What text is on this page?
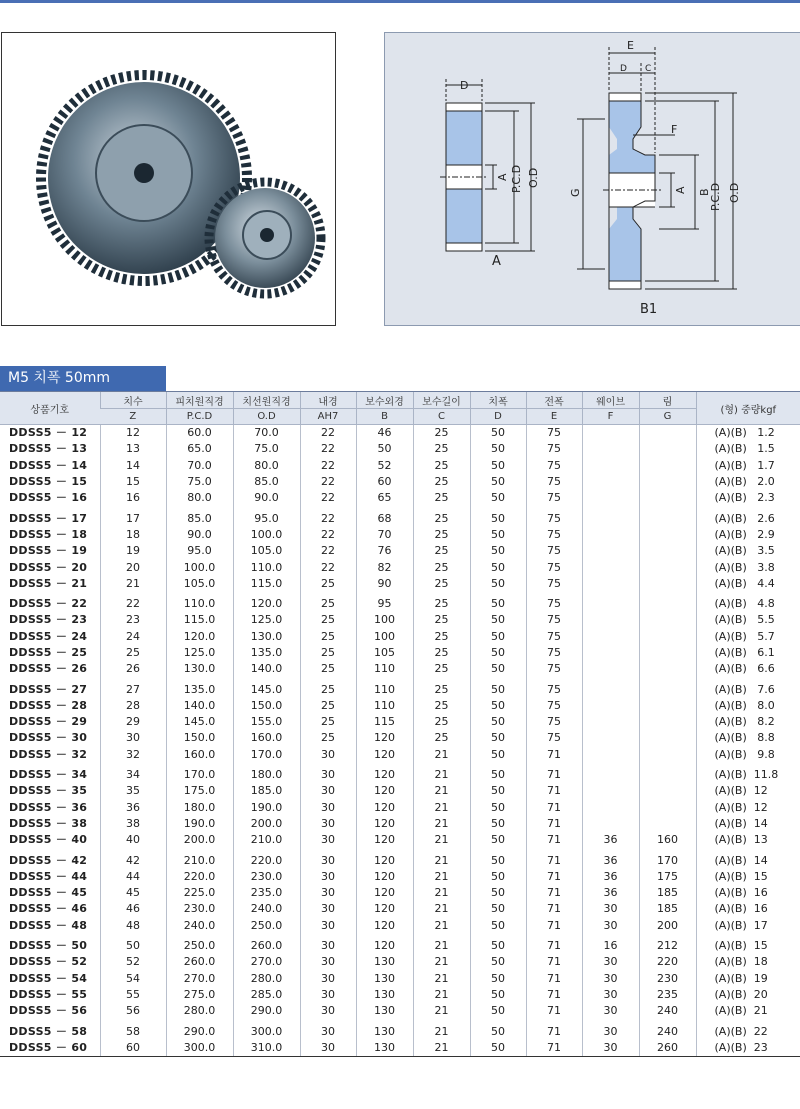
D
A P.C.D O.D
A
E
D C
F
G	A B
P.C.D O.D
B1
M5 치폭 50mm
상품기호	치수	피치원직경	치선원직경	내경	보수외경	보수길이	치폭	전폭	웨이브	림	(형) 중량kgf
	Z	P.C.D	O.D	AH7	B	C	D	E	F	G	
DDSS5 － 12	12	60.0	70.0	22	46	25	50	75			(A)(B)   1.2
DDSS5 － 13	13	65.0	75.0	22	50	25	50	75			(A)(B)   1.5
DDSS5 － 14	14	70.0	80.0	22	52	25	50	75			(A)(B)   1.7
DDSS5 － 15	15	75.0	85.0	22	60	25	50	75			(A)(B)   2.0
DDSS5 － 16	16	80.0	90.0	22	65	25	50	75			(A)(B)   2.3
DDSS5 － 17	17	85.0	95.0	22	68	25	50	75			(A)(B)   2.6
DDSS5 － 18	18	90.0	100.0	22	70	25	50	75			(A)(B)   2.9
DDSS5 － 19	19	95.0	105.0	22	76	25	50	75			(A)(B)   3.5
DDSS5 － 20	20	100.0	110.0	22	82	25	50	75			(A)(B)   3.8
DDSS5 － 21	21	105.0	115.0	25	90	25	50	75			(A)(B)   4.4
DDSS5 － 22	22	110.0	120.0	25	95	25	50	75			(A)(B)   4.8
DDSS5 － 23	23	115.0	125.0	25	100	25	50	75			(A)(B)   5.5
DDSS5 － 24	24	120.0	130.0	25	100	25	50	75			(A)(B)   5.7
DDSS5 － 25	25	125.0	135.0	25	105	25	50	75			(A)(B)   6.1
DDSS5 － 26	26	130.0	140.0	25	110	25	50	75			(A)(B)   6.6
DDSS5 － 27	27	135.0	145.0	25	110	25	50	75			(A)(B)   7.6
DDSS5 － 28	28	140.0	150.0	25	110	25	50	75			(A)(B)   8.0
DDSS5 － 29	29	145.0	155.0	25	115	25	50	75			(A)(B)   8.2
DDSS5 － 30	30	150.0	160.0	25	120	25	50	75			(A)(B)   8.8
DDSS5 － 32	32	160.0	170.0	30	120	21	50	71			(A)(B)   9.8
DDSS5 － 34	34	170.0	180.0	30	120	21	50	71			(A)(B)  11.8
DDSS5 － 35	35	175.0	185.0	30	120	21	50	71			(A)(B)  12
DDSS5 － 36	36	180.0	190.0	30	120	21	50	71			(A)(B)  12
DDSS5 － 38	38	190.0	200.0	30	120	21	50	71			(A)(B)  14
DDSS5 － 40	40	200.0	210.0	30	120	21	50	71	36	160	(A)(B)  13
DDSS5 － 42	42	210.0	220.0	30	120	21	50	71	36	170	(A)(B)  14
DDSS5 － 44	44	220.0	230.0	30	120	21	50	71	36	175	(A)(B)  15
DDSS5 － 45	45	225.0	235.0	30	120	21	50	71	36	185	(A)(B)  16
DDSS5 － 46	46	230.0	240.0	30	120	21	50	71	30	185	(A)(B)  16
DDSS5 － 48	48	240.0	250.0	30	120	21	50	71	30	200	(A)(B)  17
DDSS5 － 50	50	250.0	260.0	30	120	21	50	71	16	212	(A)(B)  15
DDSS5 － 52	52	260.0	270.0	30	130	21	50	71	30	220	(A)(B)  18
DDSS5 － 54	54	270.0	280.0	30	130	21	50	71	30	230	(A)(B)  19
DDSS5 － 55	55	275.0	285.0	30	130	21	50	71	30	235	(A)(B)  20
DDSS5 － 56	56	280.0	290.0	30	130	21	50	71	30	240	(A)(B)  21
DDSS5 － 58	58	290.0	300.0	30	130	21	50	71	30	240	(A)(B)  22
DDSS5 － 60	60	300.0	310.0	30	130	21	50	71	30	260	(A)(B)  23
